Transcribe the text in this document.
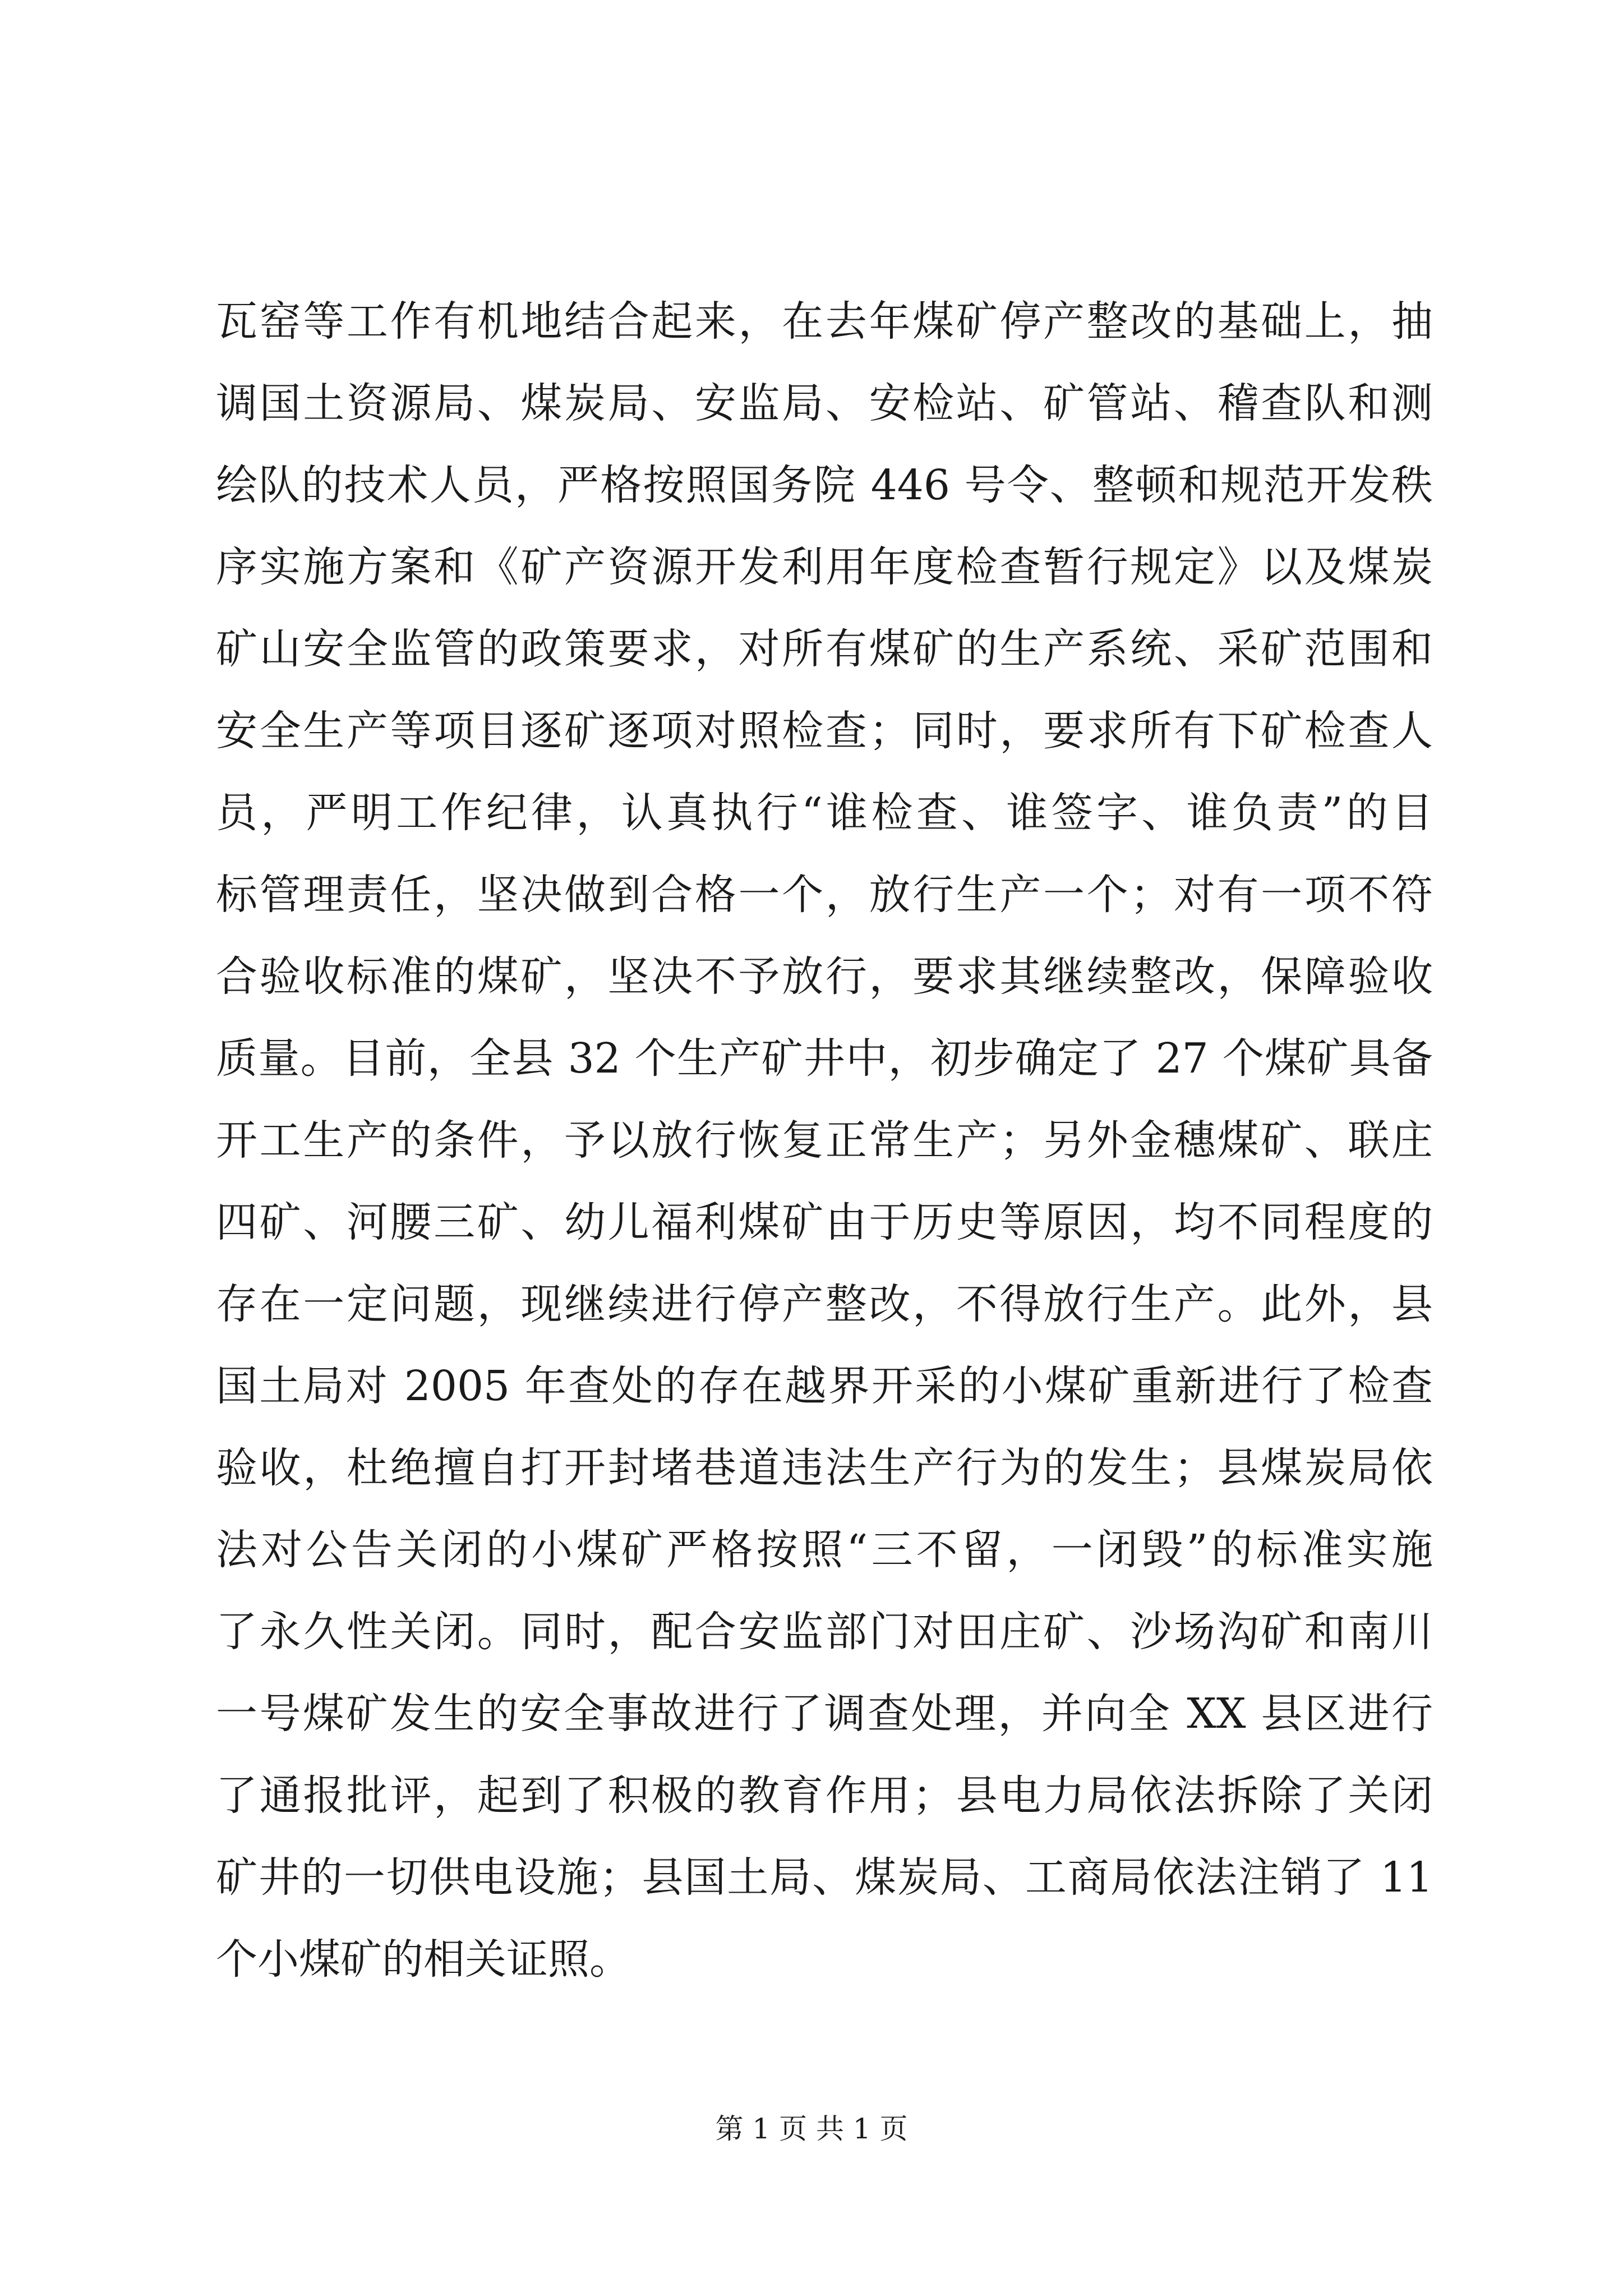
瓦窑等工作有机地结合起来，在去年煤矿停产整改的基础上，抽
调国土资源局、煤炭局、安监局、安检站、矿管站、稽查队和测
绘队的技术人员，严格按照国务院 446 号令、整顿和规范开发秩
序实施方案和《矿产资源开发利用年度检查暂行规定》以及煤炭
矿山安全监管的政策要求，对所有煤矿的生产系统、采矿范围和
安全生产等项目逐矿逐项对照检查；同时，要求所有下矿检查人
员，严明工作纪律，认真执行“谁检查、谁签字、谁负责”的目
标管理责任，坚决做到合格一个，放行生产一个；对有一项不符
合验收标准的煤矿，坚决不予放行，要求其继续整改，保障验收
质量。目前，全县 32 个生产矿井中，初步确定了 27 个煤矿具备
开工生产的条件，予以放行恢复正常生产；另外金穗煤矿、联庄
四矿、河腰三矿、幼儿福利煤矿由于历史等原因，均不同程度的
存在一定问题，现继续进行停产整改，不得放行生产。此外，县
国土局对 2005 年查处的存在越界开采的小煤矿重新进行了检查
验收，杜绝擅自打开封堵巷道违法生产行为的发生；县煤炭局依
法对公告关闭的小煤矿严格按照“三不留，一闭毁”的标准实施
了永久性关闭。同时，配合安监部门对田庄矿、沙场沟矿和南川
一号煤矿发生的安全事故进行了调查处理，并向全 XX 县区进行
了通报批评，起到了积极的教育作用；县电力局依法拆除了关闭
矿井的一切供电设施；县国土局、煤炭局、工商局依法注销了 11
个小煤矿的相关证照。
第 1 页 共 1 页
